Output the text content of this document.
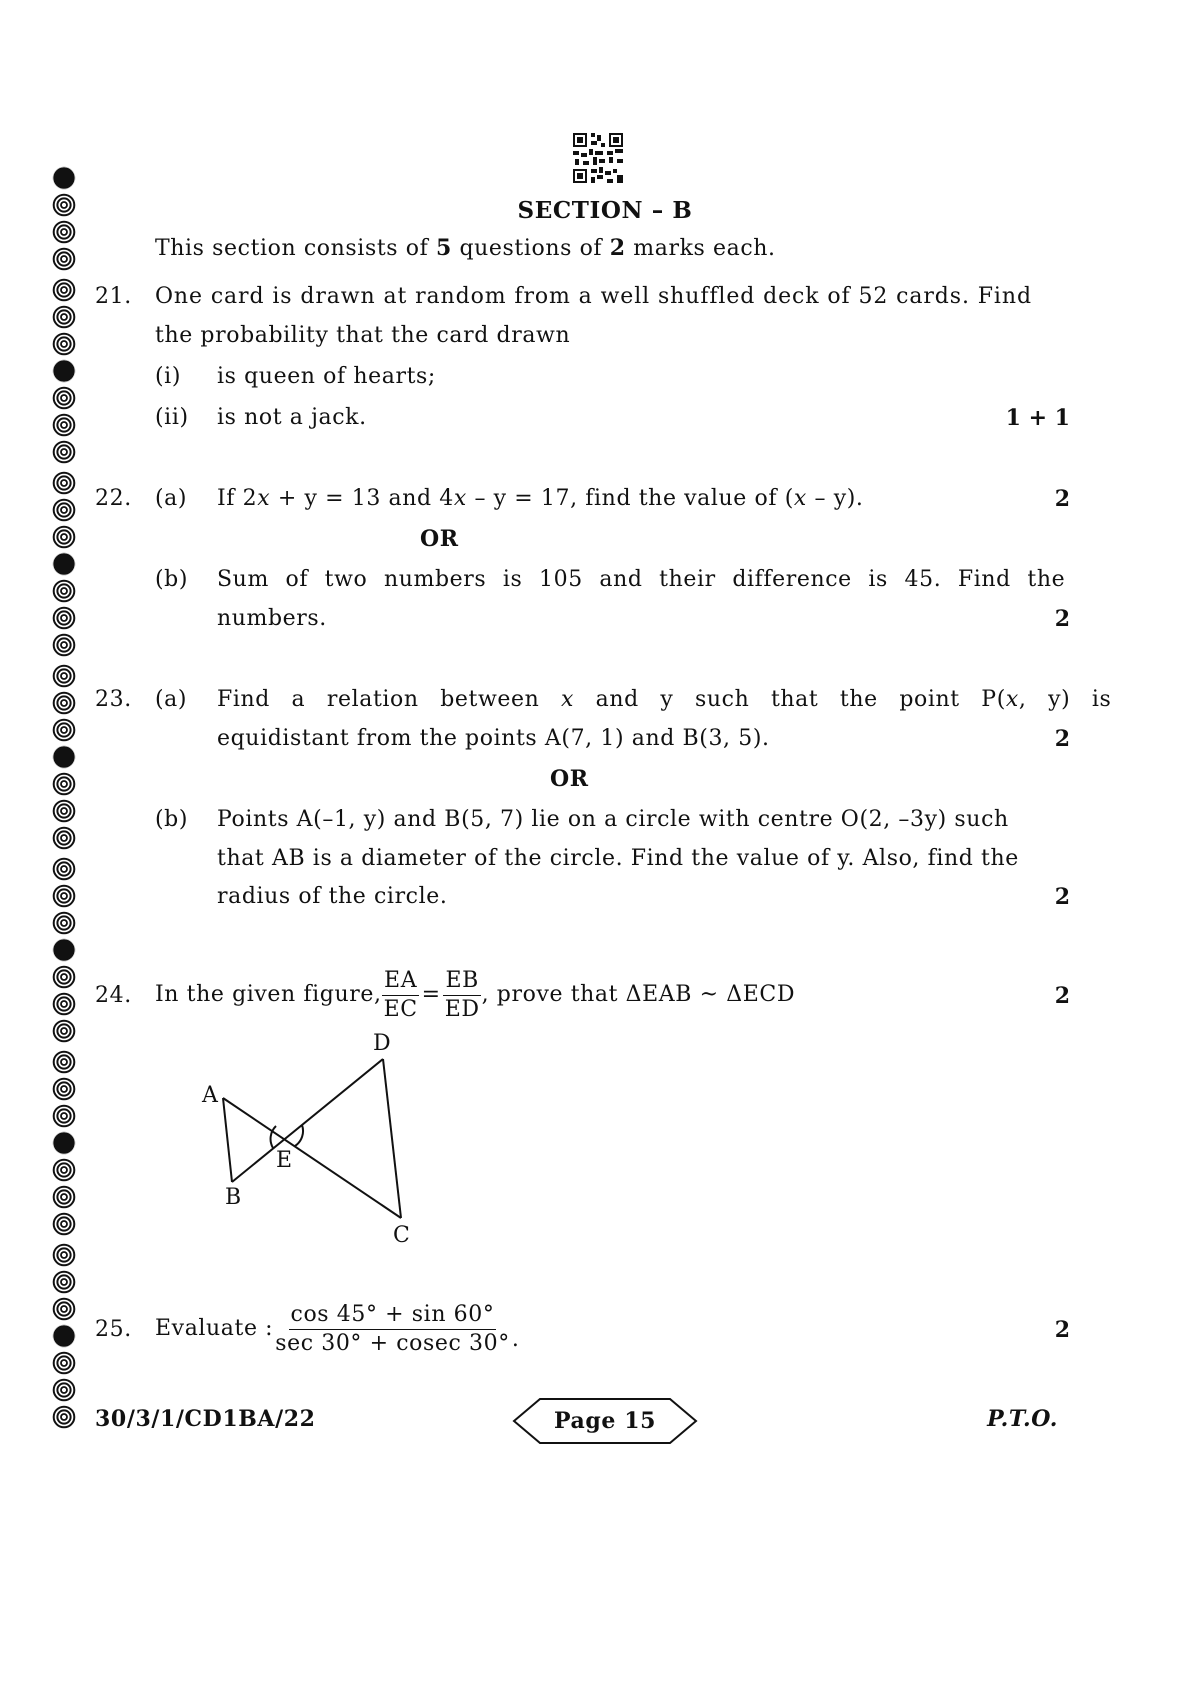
SECTION – B
This section consists of 5 questions of 2 marks each.
21. One card is drawn at random from a well shuffled deck of 52 cards. Find
the probability that the card drawn
(i) is queen of hearts;
(ii) is not a jack.	1 + 1
22. (a) If 2x + y = 13 and 4x – y = 17, find the value of (x – y).	2
OR
(b) Sum of two numbers is 105 and their difference is 45. Find the
numbers.	2
23. (a) Find a relation between x and y such that the point P(x, y) is
equidistant from the points A(7, 1) and B(3, 5).	2
OR
(b) Points A(–1, y) and B(5, 7) lie on a circle with centre O(2, –3y) such
that AB is a diameter of the circle. Find the value of y. Also, find the
radius of the circle.	2
24. In the given figure, $\frac{EA}{EC} = \frac{EB}{ED}$ , prove that ΔEAB ~ ΔECD	2
A
B
C
D
E
25. Evaluate : $\frac{\cos 45^\circ + \sin 60^\circ}{\sec 30^\circ + cosec 30^\circ}$ .	2
30/3/1/CD1BA/22	Page 15	P.T.O.
